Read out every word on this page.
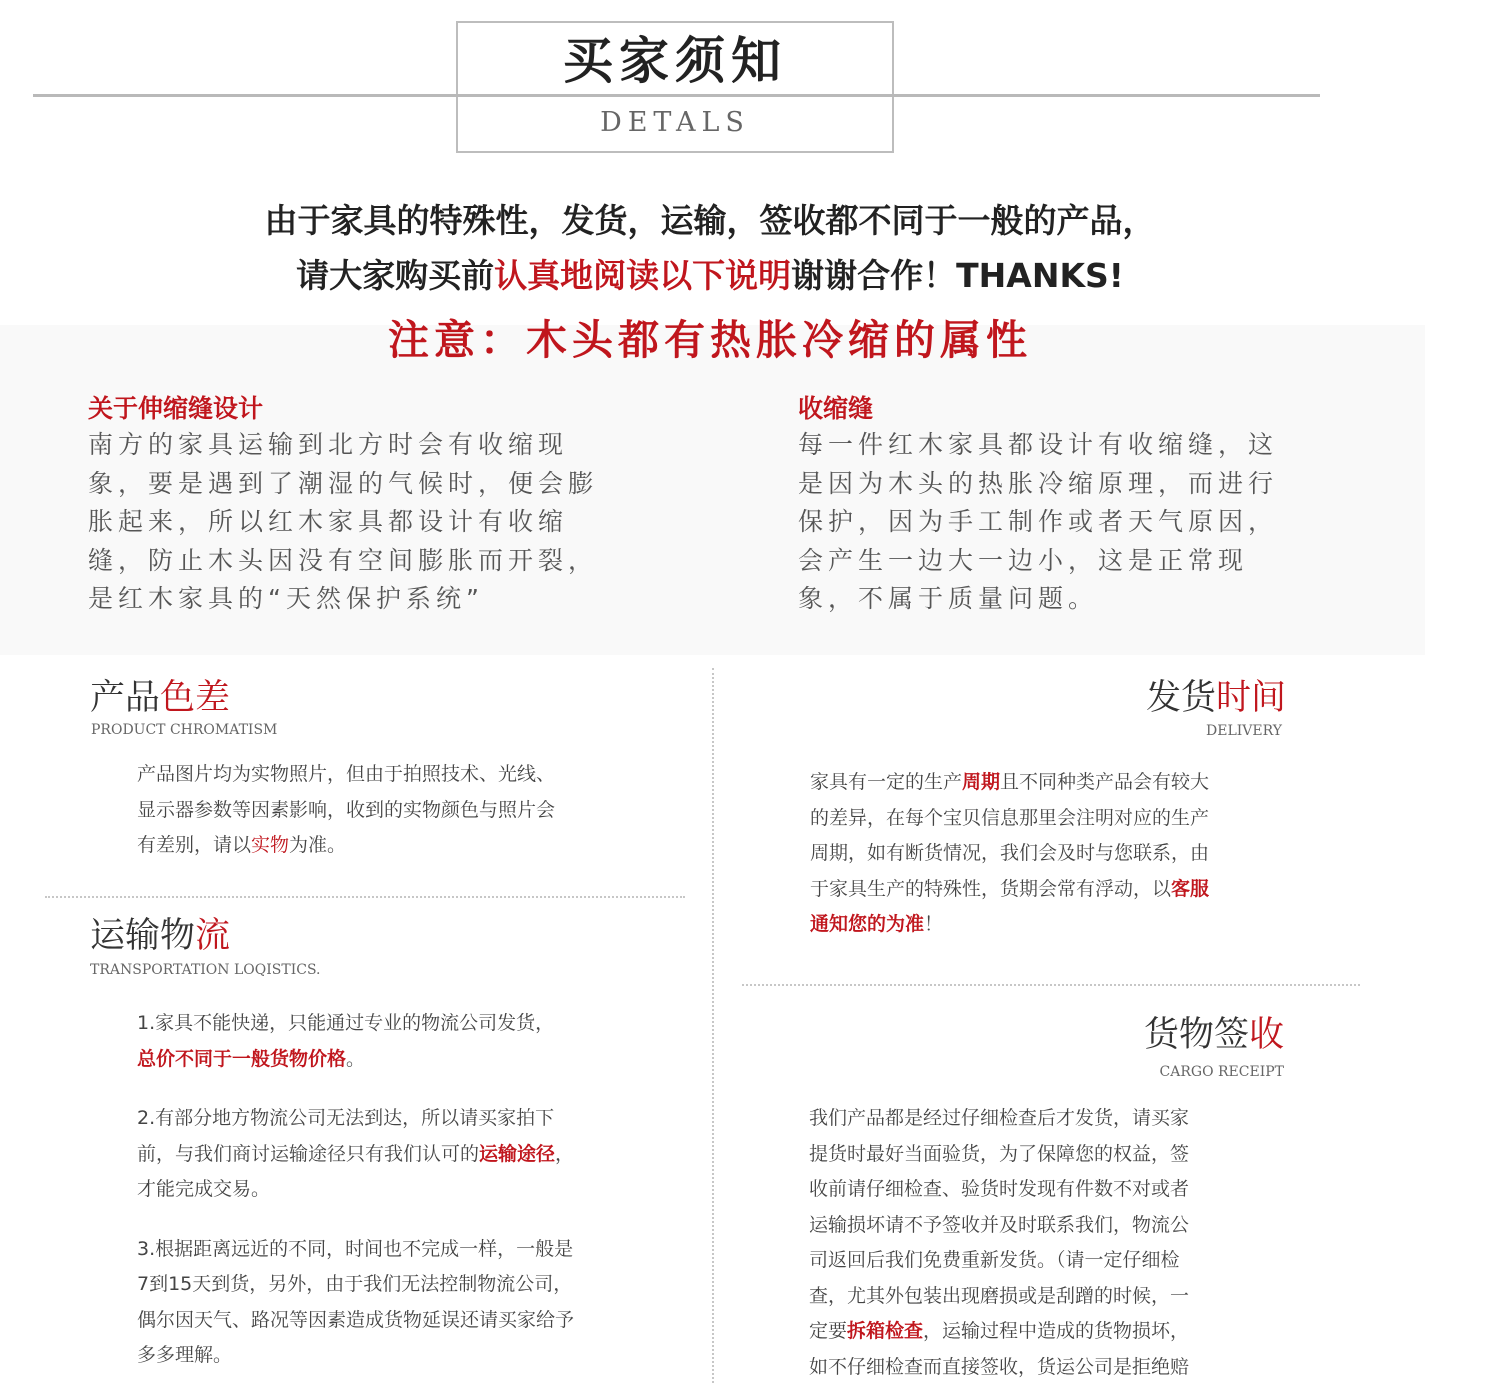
买家须知
DETALS
由于家具的特殊性，发货，运输，签收都不同于一般的产品，
请大家购买前认真地阅读以下说明谢谢合作！THANKS!
注意：木头都有热胀冷缩的属性
关于伸缩缝设计
南方的家具运输到北方时会有收缩现
象，要是遇到了潮湿的气候时，便会膨
胀起来，所以红木家具都设计有收缩
缝，防止木头因没有空间膨胀而开裂，
是红木家具的“天然保护系统”
收缩缝
每一件红木家具都设计有收缩缝，这
是因为木头的热胀冷缩原理，而进行
保护，因为手工制作或者天气原因，
会产生一边大一边小，这是正常现
象，不属于质量问题。
产品色差
PRODUCT CHROMATISM
产品图片均为实物照片，但由于拍照技术、光线、
显示器参数等因素影响，收到的实物颜色与照片会
有差别，请以实物为准。
运输物流
TRANSPORTATION LOQISTICS.
1.家具不能快递，只能通过专业的物流公司发货，
总价不同于一般货物价格。
2.有部分地方物流公司无法到达，所以请买家拍下
前，与我们商讨运输途径只有我们认可的运输途径，
才能完成交易。
3.根据距离远近的不同，时间也不完成一样，一般是
7到15天到货，另外，由于我们无法控制物流公司，
偶尔因天气、路况等因素造成货物延误还请买家给予
多多理解。
发货时间
DELIVERY
家具有一定的生产周期且不同种类产品会有较大
的差异，在每个宝贝信息那里会注明对应的生产
周期，如有断货情况，我们会及时与您联系，由
于家具生产的特殊性，货期会常有浮动，以客服
通知您的为准！
货物签收
CARGO RECEIPT
我们产品都是经过仔细检查后才发货，请买家
提货时最好当面验货，为了保障您的权益，签
收前请仔细检查、验货时发现有件数不对或者
运输损坏请不予签收并及时联系我们，物流公
司返回后我们免费重新发货。（请一定仔细检
查，尤其外包装出现磨损或是刮蹭的时候，一
定要拆箱检查，运输过程中造成的货物损坏，
如不仔细检查而直接签收，货运公司是拒绝赔
